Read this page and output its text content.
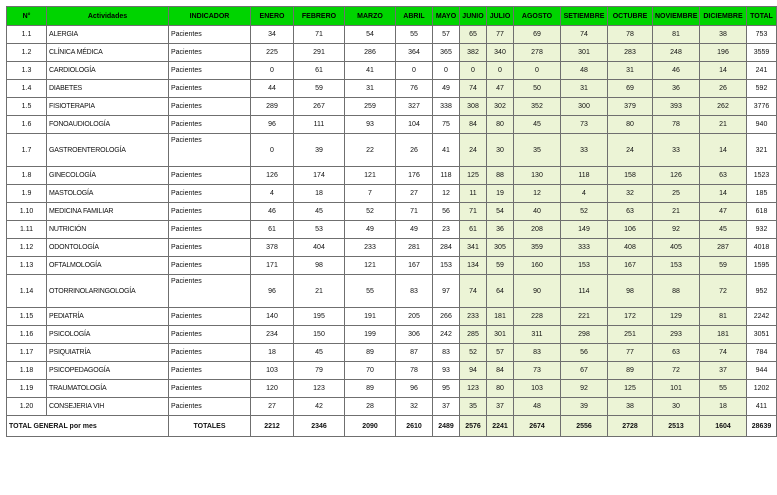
N°	Actividades	INDICADOR	ENERO	FEBRERO	MARZO	ABRIL	MAYO	JUNIO	JULIO	AGOSTO	SETIEMBRE	OCTUBRE	NOVIEMBRE	DICIEMBRE	TOTAL
1.1	ALERGIA	Pacientes	34	71	54	55	57	65	77	69	74	78	81	38	753
1.2	CLÍNICA MÉDICA	Pacientes	225	291	286	364	365	382	340	278	301	283	248	196	3559
1.3	CARDIOLOGÍA	Pacientes	0	61	41	0	0	0	0	0	48	31	46	14	241
1.4	DIABETES	Pacientes	44	59	31	76	49	74	47	50	31	69	36	26	592
1.5	FISIOTERAPIA	Pacientes	289	267	259	327	338	308	302	352	300	379	393	262	3776
1.6	FONOAUDIOLOGÍA	Pacientes	96	111	93	104	75	84	80	45	73	80	78	21	940
1.7	GASTROENTEROLOGÍA	Pacientes	0	39	22	26	41	24	30	35	33	24	33	14	321
1.8	GINECOLOGÍA	Pacientes	126	174	121	176	118	125	88	130	118	158	126	63	1523
1.9	MASTOLOGÍA	Pacientes	4	18	7	27	12	11	19	12	4	32	25	14	185
1.10	MEDICINA FAMILIAR	Pacientes	46	45	52	71	56	71	54	40	52	63	21	47	618
1.11	NUTRICIÓN	Pacientes	61	53	49	49	23	61	36	208	149	106	92	45	932
1.12	ODONTOLOGÍA	Pacientes	378	404	233	281	284	341	305	359	333	408	405	287	4018
1.13	OFTALMOLOGÍA	Pacientes	171	98	121	167	153	134	59	160	153	167	153	59	1595
1.14	OTORRINOLARINGOLOGÍA	Pacientes	96	21	55	83	97	74	64	90	114	98	88	72	952
1.15	PEDIATRÍA	Pacientes	140	195	191	205	266	233	181	228	221	172	129	81	2242
1.16	PSICOLOGÍA	Pacientes	234	150	199	306	242	285	301	311	298	251	293	181	3051
1.17	PSIQUIATRÍA	Pacientes	18	45	89	87	83	52	57	83	56	77	63	74	784
1.18	PSICOPEDAGOGÍA	Pacientes	103	79	70	78	93	94	84	73	67	89	72	37	944
1.19	TRAUMATOLOGÍA	Pacientes	120	123	89	96	95	123	80	103	92	125	101	55	1202
1.20	CONSEJERIA VIH	Pacientes	27	42	28	32	37	35	37	48	39	38	30	18	411
TOTAL GENERAL por mes		TOTALES	2212	2346	2090	2610	2489	2576	2241	2674	2556	2728	2513	1604	28639
